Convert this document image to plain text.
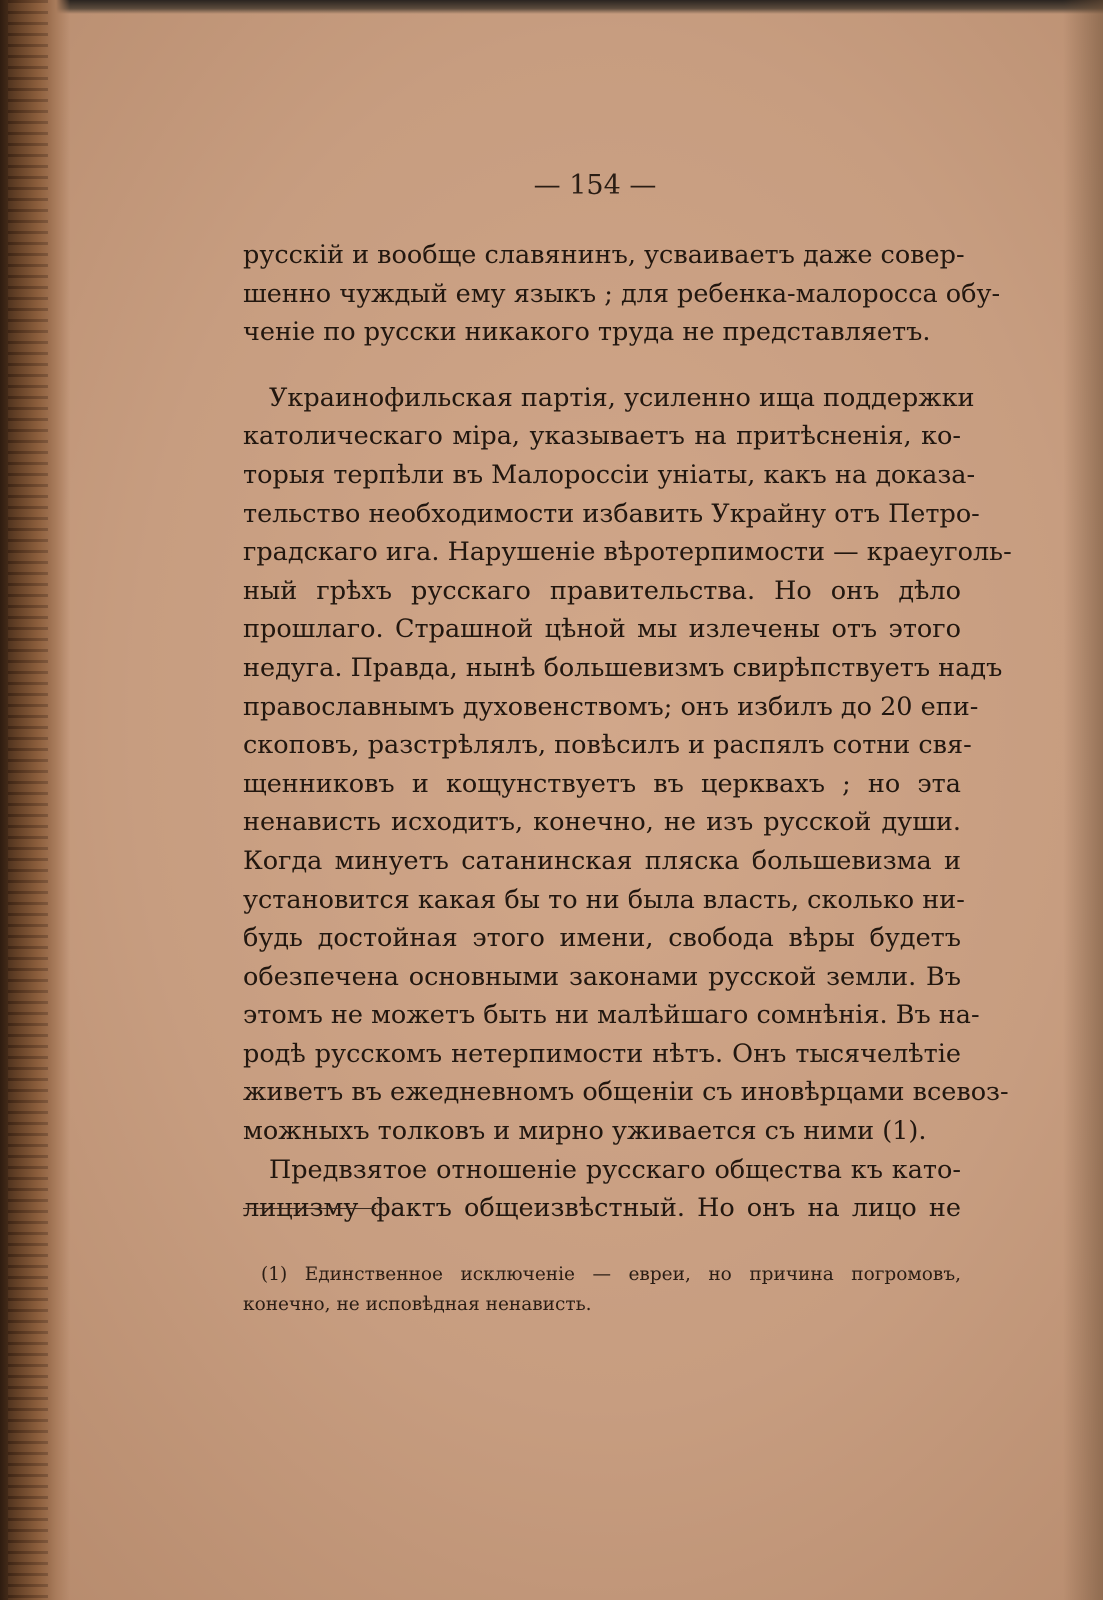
— 154 —
русскій и вообще славянинъ, усваиваетъ даже совер-
шенно чуждый ему языкъ ; для ребенка-малоросса обу-
ченіе по русски никакого труда не представляетъ.
Украинофильская партія, усиленно ища поддержки
католическаго міра, указываетъ на притѣсненія, ко-
торыя терпѣли въ Малороссіи уніаты, какъ на доказа-
тельство необходимости избавить Украйну отъ Петро-
градскаго ига. Нарушеніе вѣротерпимости — краеуголь-
ный грѣхъ русскаго правительства. Но онъ дѣло
прошлаго. Страшной цѣной мы излечены отъ этого
недуга. Правда, нынѣ большевизмъ свирѣпствуетъ надъ
православнымъ духовенствомъ; онъ избилъ до 20 епи-
скоповъ, разстрѣлялъ, повѣсилъ и распялъ сотни свя-
щенниковъ и кощунствуетъ въ церквахъ ; но эта
ненависть исходитъ, конечно, не изъ русской души.
Когда минуетъ сатанинская пляска большевизма и
установится какая бы то ни была власть, сколько ни-
будь достойная этого имени, свобода вѣры будетъ
обезпечена основными законами русской земли. Въ
этомъ не можетъ быть ни малѣйшаго сомнѣнія. Въ на-
родѣ русскомъ нетерпимости нѣтъ. Онъ тысячелѣтіе
живетъ въ ежедневномъ общеніи съ иновѣрцами всевоз-
можныхъ толковъ и мирно уживается съ ними (1).
Предвзятое отношеніе русскаго общества къ като-
лицизму фактъ общеизвѣстный. Но онъ на лицо не
(1) Единственное исключеніе — евреи, но причина погромовъ,
конечно, не исповѣдная ненависть.
